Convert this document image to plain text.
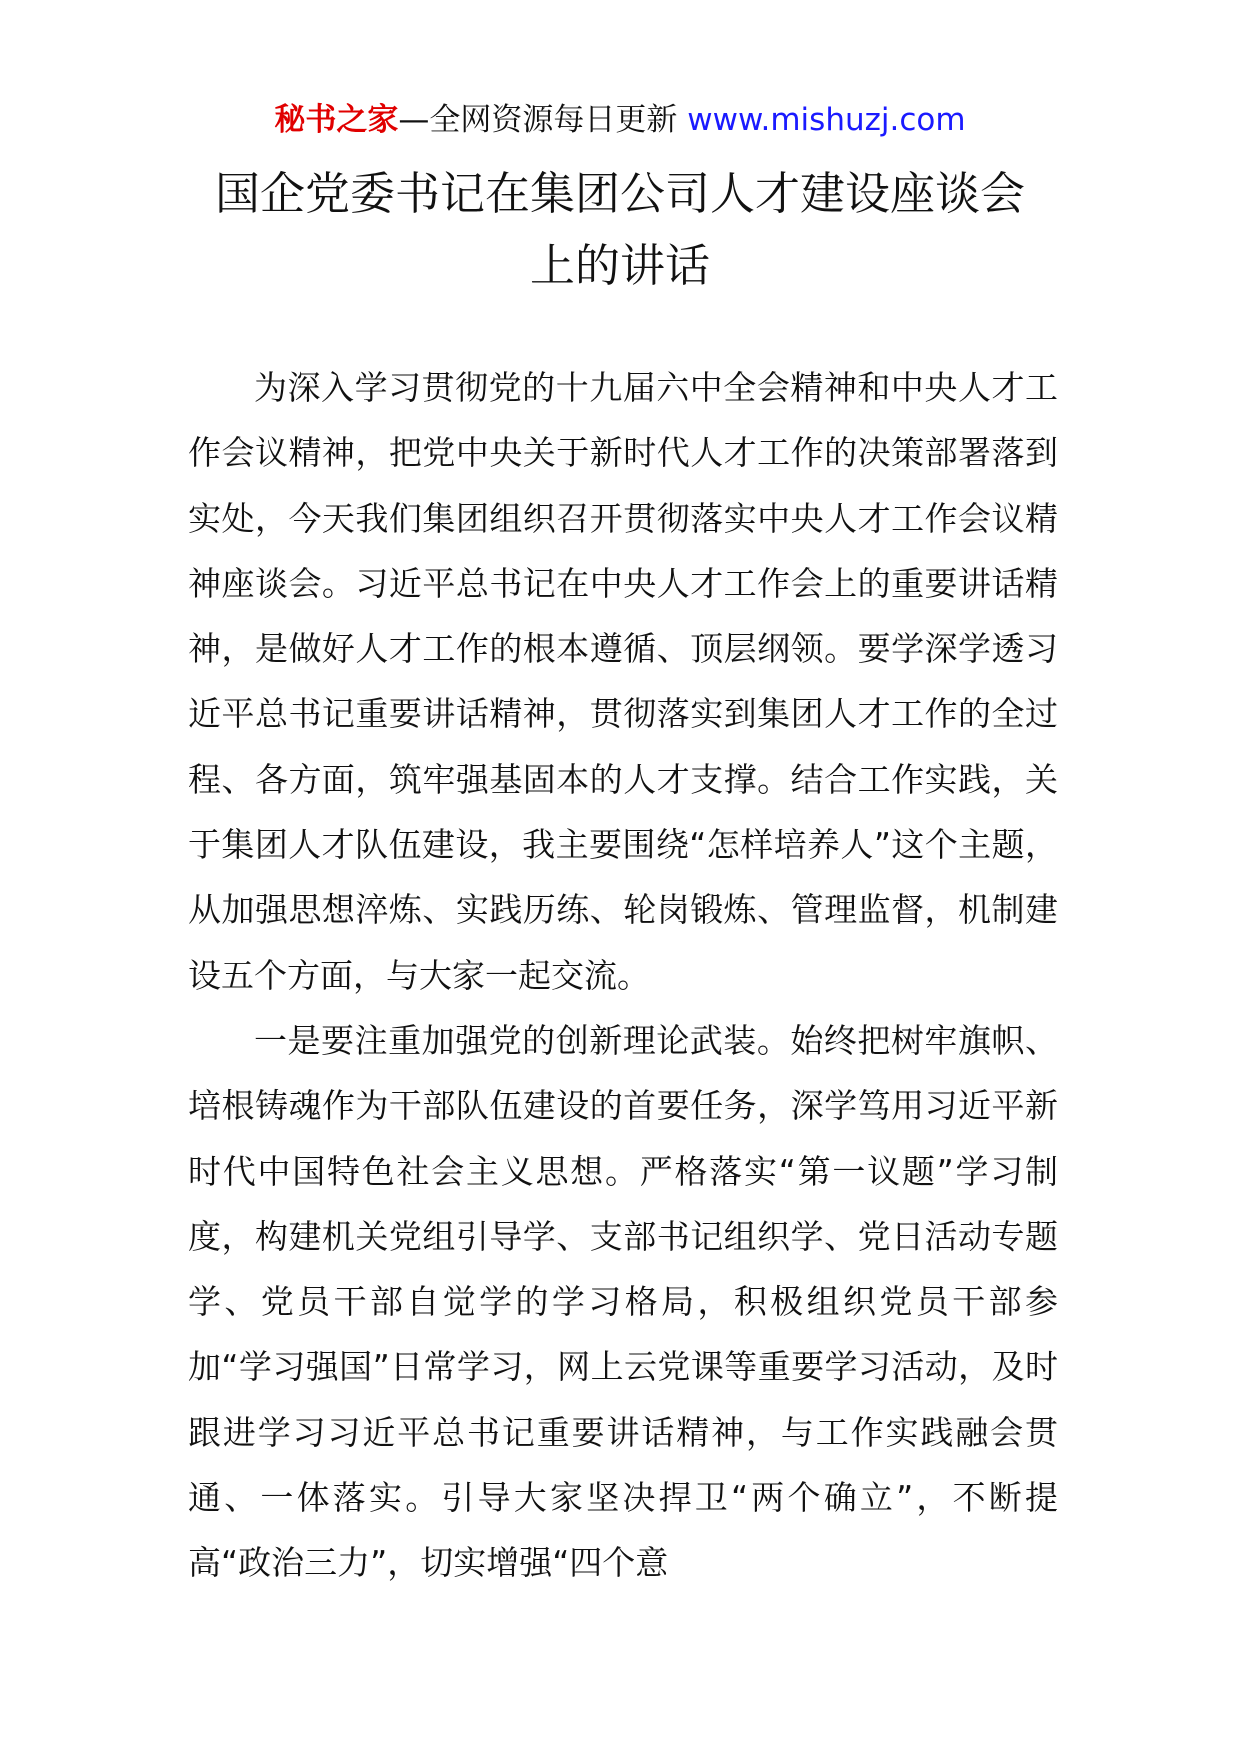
秘书之家—全网资源每日更新 www.mishuzj.com
国企党委书记在集团公司人才建设座谈会
上的讲话

为深入学习贯彻党的十九届六中全会精神和中央人才工作会议精神，把党中央关于新时代人才工作的决策部署落到实处，今天我们集团组织召开贯彻落实中央人才工作会议精神座谈会。习近平总书记在中央人才工作会上的重要讲话精神，是做好人才工作的根本遵循、顶层纲领。要学深学透习近平总书记重要讲话精神，贯彻落实到集团人才工作的全过程、各方面，筑牢强基固本的人才支撑。结合工作实践，关于集团人才队伍建设，我主要围绕“怎样培养人”这个主题，从加强思想淬炼、实践历练、轮岗锻炼、管理监督，机制建设五个方面，与大家一起交流。

一是要注重加强党的创新理论武装。始终把树牢旗帜、培根铸魂作为干部队伍建设的首要任务，深学笃用习近平新时代中国特色社会主义思想。严格落实“第一议题”学习制度，构建机关党组引导学、支部书记组织学、党日活动专题学、党员干部自觉学的学习格局，积极组织党员干部参加“学习强国”日常学习，网上云党课等重要学习活动，及时跟进学习习近平总书记重要讲话精神，与工作实践融会贯通、一体落实。引导大家坚决捍卫“两个确立”，不断提高“政治三力”，切实增强“四个意
